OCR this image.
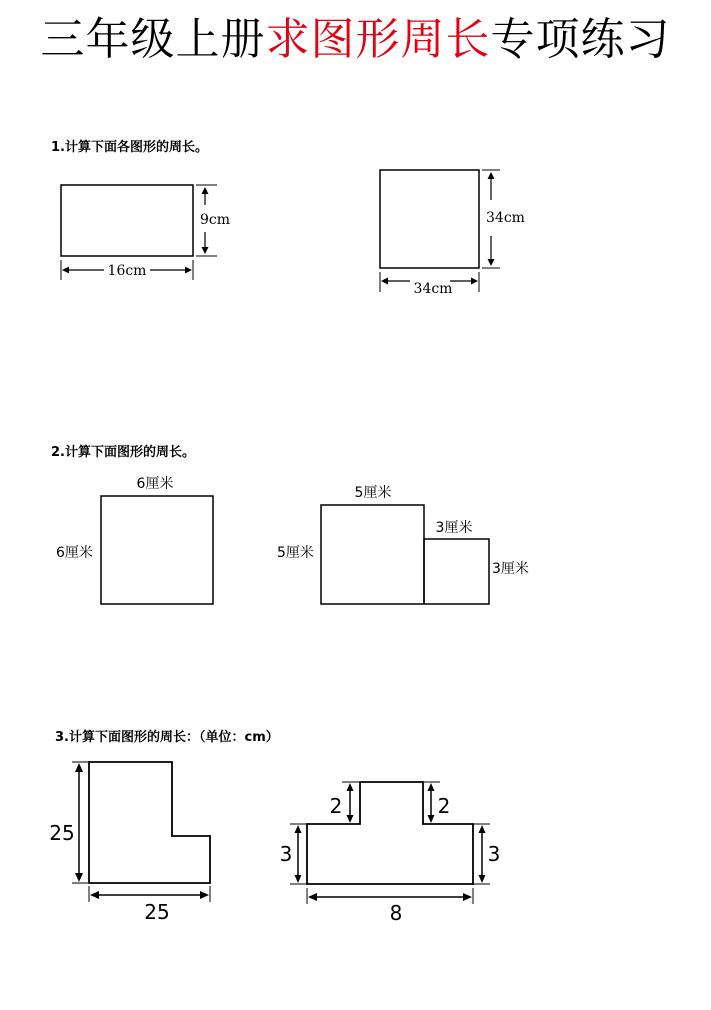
三年级上册求图形周长专项练习
1.计算下面各图形的周长。
9cm
16cm
34cm
34cm
2.计算下面图形的周长。
6厘米
6厘米
5厘米
5厘米
3厘米
3厘米
3.计算下面图形的周长：（单位：cm）
25
25
2	2
3	3
8
